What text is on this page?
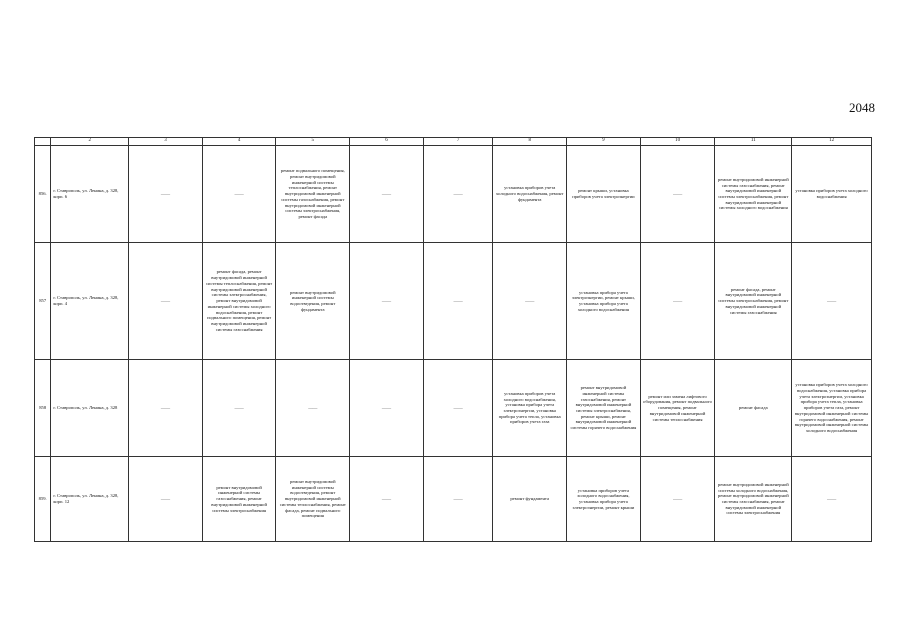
2048
	2	3	4	5	6	7	8	9	10	11	12
856.	г. Ставрополь, ул. Ленина, д. 328, корп. 6	——	——	ремонт подвального помещения, ремонт внутридомовой инженерной системы теплоснабжения, ремонт внутридомовой инженерной системы газоснабжения, ремонт внутридомовой инженерной системы электроснабжения, ремонт фасада	——	——	установка приборов учета холодного водоснабжения, ремонт фундамента	ремонт крыши, установка приборов учета электроэнергии	——	ремонт внутридомовой инженерной системы газоснабжения, ремонт внутридомовой инженерной системы электроснабжения, ремонт внутридомовой инженерной системы холодного водоснабжения	установка приборов учета холодного водоснабжения
857	г. Ставрополь, ул. Ленина, д. 328, корп. 4	——	ремонт фасада, ремонт внутридомовой инженерной системы теплоснабжения, ремонт внутридомовой инженерной системы электроснабжения, ремонт внутридомовой инженерной системы холодного водоснабжения, ремонт подвального помещения, ремонт внутридомовой инженерной системы газоснабжения	ремонт внутридомовой инженерной системы водоотведения, ремонт фундамента	——	——	——	установка прибора учета электроэнергии, ремонт крыши, установка прибора учета холодного водоснабжения	——	ремонт фасада, ремонт внутридомовой инженерной системы электроснабжения, ремонт внутридомовой инженерной системы газоснабжения	——
858	г. Ставрополь, ул. Ленина, д. 328	——	——	——	——	——	установка приборов учета холодного водоснабжения, установка прибора учета электроэнергии, установка прибора учета тепла, установка приборов учета газа	ремонт внутридомовой инженерной системы газоснабжения, ремонт внутридомовой инженерной системы электроснабжения, ремонт крыши, ремонт внутридомовой инженерной системы горячего водоснабжения	ремонт или замена лифтового оборудования, ремонт подвального помещения, ремонт внутридомовой инженерной системы теплоснабжения	ремонт фасада	установка приборов учета холодного водоснабжения, установка прибора учета электроэнергии, установка прибора учета тепла, установка приборов учета газа, ремонт внутридомовой инженерной системы горячего водоснабжения, ремонт внутридомовой инженерной системы холодного водоснабжения
859.	г. Ставрополь, ул. Ленина, д. 328, корп. 12	——	ремонт внутридомовой инженерной системы газоснабжения, ремонт внутридомовой инженерной системы электроснабжения	ремонт внутридомовой инженерной системы водоотведения, ремонт внутридомовой инженерной системы теплоснабжения, ремонт фасада, ремонт подвального помещения	——	——	ремонт фундамента	установка приборов учета холодного водоснабжения, установка прибора учета электроэнергии, ремонт крыши	——	ремонт внутридомовой инженерной системы холодного водоснабжения, ремонт внутридомовой инженерной системы газоснабжения, ремонт внутридомовой инженерной системы электроснабжения	——
